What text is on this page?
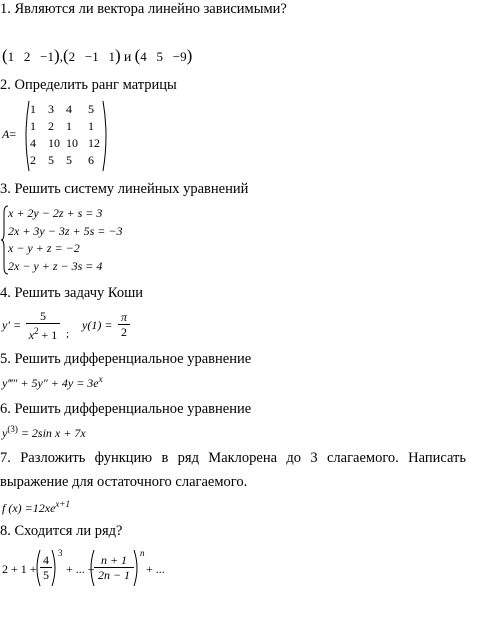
1. Являются ли вектора линейно зависимыми?
(1 2 −1),(2 −1 1) и (4 5 −9)
2. Определить ранг матрицы
A=
1	3	4	5
1	2	1	1
4	10 10 12
2	5	5	6
3. Решить систему линейных уравнений
x + 2y − 2z + s = 3
2x + 3y − 3z + 5s = −3
x − y + z = −2
2x − y + z − 3s = 4
4. Решить задачу Коши
y′ =
5
$x^2 + 1$ ;
y(1) =
π
2
5. Решить дифференциальное уравнение
y‴″ + $5y'' + 4y = 3e^x$
6. Решить дифференциальное уравнение
$y^{(3)} = 2\sin$ x + 7x
7. Разложить функцию в ряд Маклорена до 3 слагаемого. Написать
выражение для остаточного слагаемого.
f $(x) =12xe^{x+1}$
8. Сходится ли ряд?
2 + 1 +
4
5
3
+ ... +
n + 1
2n − 1
n
+ ...
